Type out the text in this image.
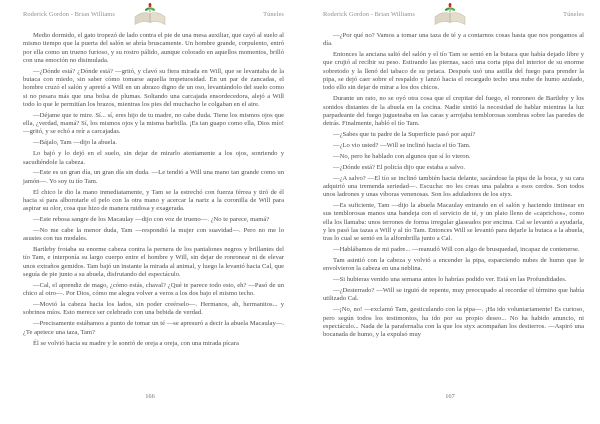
Roderick Gordon - Brian Williams	Túneles

Medio dormido, el gato tropezó de lado contra el pie de una mesa auxiliar, que cayó al suelo al mismo tiempo que la puerta del salón se abría bruscamente. Un hombre grande, corpulento, entró por ella como un trueno furioso, y su rostro pálido, aunque colorado en aquellos momentos, brilló con una emoción no disimulada.

—¿Dónde está? ¿Dónde está? —gritó, y clavó su fiera mirada en Will, que se levantaba de la butaca con miedo, sin saber cómo tomarse aquella impetuosidad. En un par de zancadas, el hombre cruzó el salón y apretó a Will en un abrazo digno de un oso, levantándolo del suelo como si no pesara más que una bolsa de plumas. Soltando una carcajada ensordecedora, alejó a Will todo lo que le permitían los brazos, mientras los pies del muchacho le colgaban en el aire.

—Déjame que te mire. Sí... sí, eres hijo de tu madre, no cabe duda. Tiene los mismos ojos que ella, ¿verdad, mamá? Sí, los mismos ojos y la misma barbilla. ¡Es tan guapo como ella, Dios mío! —gritó, y se echó a reír a carcajadas.

—Bájalo, Tam —dijo la abuela.

Lo bajó y lo dejó en el suelo, sin dejar de mirarlo atentamente a los ojos, sonriendo y sacudiéndole la cabeza.

—Este es un gran día, un gran día sin duda. —Le tendió a Will una mano tan grande como un jamón—. Yo soy tu tío Tam.

El chico le dio la mano inmediatamente, y Tam se la estrechó con fuerza férrea y tiró de él hacia sí para alborotarle el pelo con la otra mano y acercar la nariz a la coronilla de Will para aspirar su olor, cosa que hizo de manera ruidosa y exagerada.

—Este rebosa sangre de los Macaulay —dijo con voz de trueno—. ¿No te parece, mamá?

—No me cabe la menor duda, Tam —respondió la mujer con suavidad—. Pero no me lo asustes con tus modales.

Bartleby frotaba su enorme cabeza contra la pernera de los pantalones negros y brillantes del tío Tam, e interponía su largo cuerpo entre el hombre y Will, sin dejar de ronronear ni de elevar unos extraños gemidos. Tam bajó un instante la mirada al animal, y luego la levantó hacia Cal, que seguía de pie junto a su abuela, disfrutando del espectáculo.

—Cal, el aprendiz de mago, ¿cómo estás, chaval? ¿Qué te parece todo esto, eh? —Pasó de un chico al otro—. Por Dios, cómo me alegra volver a veros a los dos bajo el mismo techo.

—Movió la cabeza hacia los lados, sin poder creérselo—. Hermanos, ah, hermanitos... y sobrinos míos. Esto merece ser celebrado con una bebida de verdad.

—Precisamente estábamos a punto de tomar un té —se apresuró a decir la abuela Macaulay—. ¿Te apetece una taza, Tam?

Él se volvió hacia su madre y le sonrió de oreja a oreja, con una mirada pícara

166
Roderick Gordon - Brian Williams	Túneles

—¿Por qué no? Vamos a tomar una taza de té y a contarnos cosas hasta que nos pongamos al día.

Entonces la anciana salió del salón y el tío Tam se sentó en la butaca que había dejado libre y que crujió al recibir su peso. Estirando las piernas, sacó una corta pipa del interior de su enorme sobretodo y la llenó del tabaco de su petaca. Después usó una astilla del fuego para prender la pipa, se dejó caer sobre el respaldo y lanzó hacia el recargado techo una nube de humo azulado, todo ello sin dejar de mirar a los dos chicos.

Durante un rato, no se oyó otra cosa que el crepitar del fuego, el ronroneo de Bartleby y los sonidos distantes de la abuela en la cocina. Nadie sintió la necesidad de hablar mientras la luz parpadeante del fuego jugueteaba en las caras y arrojaba temblorosas sombras sobre las paredes de detrás. Finalmente, habló el tío Tam.

—¿Sabes que tu padre de la Superficie pasó por aquí?

—¿Lo vio usted? —Will se inclinó hacia el tío Tam.

—No, pero he hablado con algunos que sí lo vieron.

—¿Dónde está? El policía dijo que estaba a salvo.

—¿A salvo? —El tío se inclinó también hacia delante, sacándose la pipa de la boca, y su cara adquirió una tremenda seriedad—. Escucha: no les creas una palabra a esos cerdos. Son todos unos ladrones y unas víboras venenosas. Son los aduladores de los styx.

—Es suficiente, Tam —dijo la abuela Macaulay entrando en el salón y haciendo tintinear en sus temblorosas manos una bandeja con el servicio de té, y un plato lleno de «caprichos», como ella los llamaba: unos terrones de forma irregular glaseados por encima. Cal se levantó a ayudarla, y les pasó las tazas a Will y al tío Tam. Entonces Will se levantó para dejarle la butaca a la abuela, tras lo cual se sentó en la alfombrilla junto a Cal.

—Hablábamos de mi padre... —reanudó Will con algo de brusquedad, incapaz de contenerse.

Tam asintió con la cabeza y volvió a encender la pipa, esparciendo nubes de humo que le envolvieron la cabeza en una neblina.

—Si hubieras venido una semana antes lo habrías podido ver. Está en las Profundidades.

—¿Desterrado? —Will se irguió de repente, muy preocupado al recordar el término que había utilizado Cal.

—¡No, no! —exclamó Tam, gesticulando con la pipa—. ¡Ha ido voluntariamente! Es curioso, pero según todos los testimonios, ha ido por su propio deseo... No ha habido anuncio, ni espectáculo... Nada de la parafernalia con la que los styx acompañan los destierros. —Aspiró una bocanada de humo, y la expulsó muy

167
